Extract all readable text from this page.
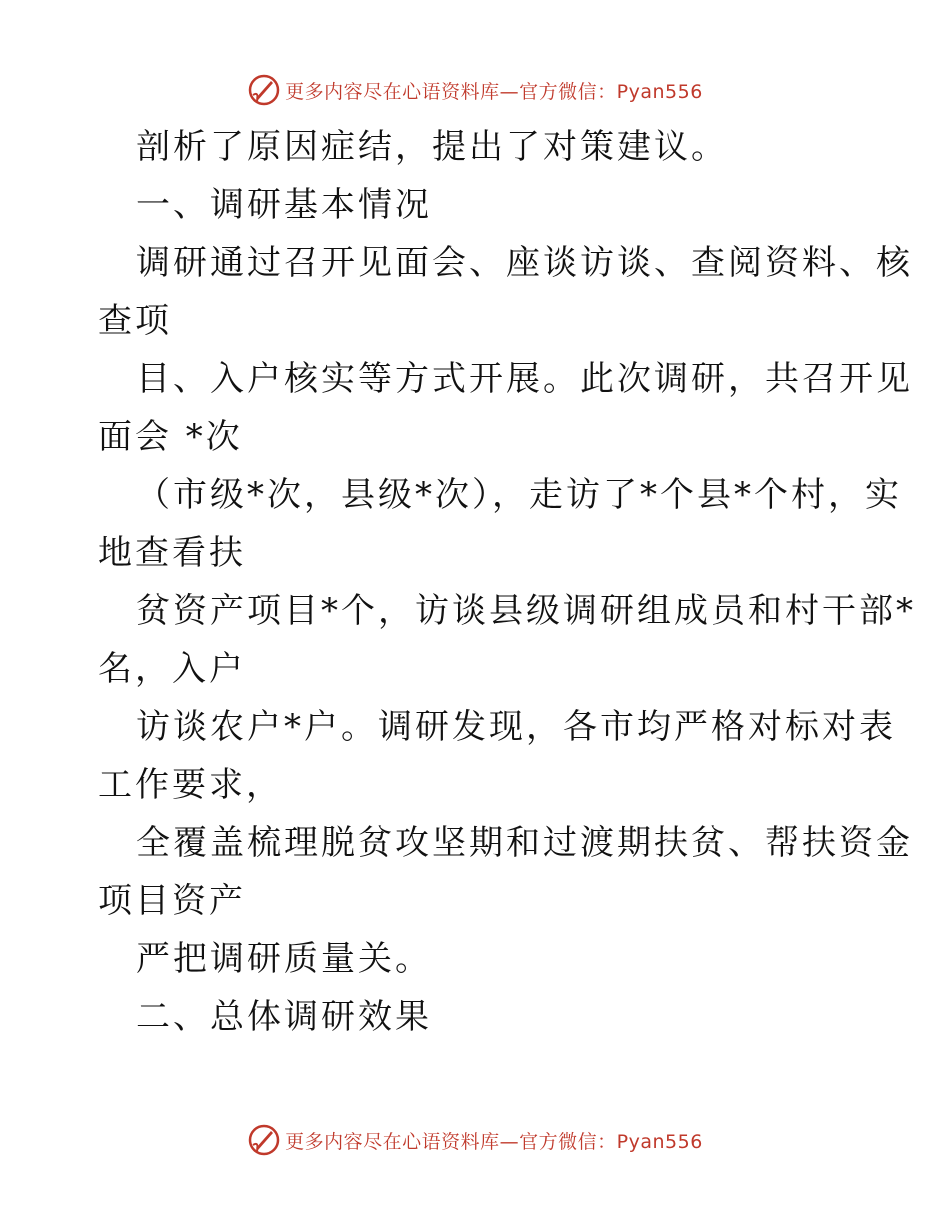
更多内容尽在心语资料库—官方微信：Pyan556
剖析了原因症结，提出了对策建议。
一、调研基本情况
调研通过召开见面会、座谈访谈、查阅资料、核
查项
目、入户核实等方式开展。此次调研，共召开见
面会 *次
（市级*次，县级*次），走访了*个县*个村，实
地查看扶
贫资产项目*个，访谈县级调研组成员和村干部*
名，入户
访谈农户*户。调研发现，各市均严格对标对表
工作要求，
全覆盖梳理脱贫攻坚期和过渡期扶贫、帮扶资金
项目资产
严把调研质量关。
二、总体调研效果
更多内容尽在心语资料库—官方微信：Pyan556
